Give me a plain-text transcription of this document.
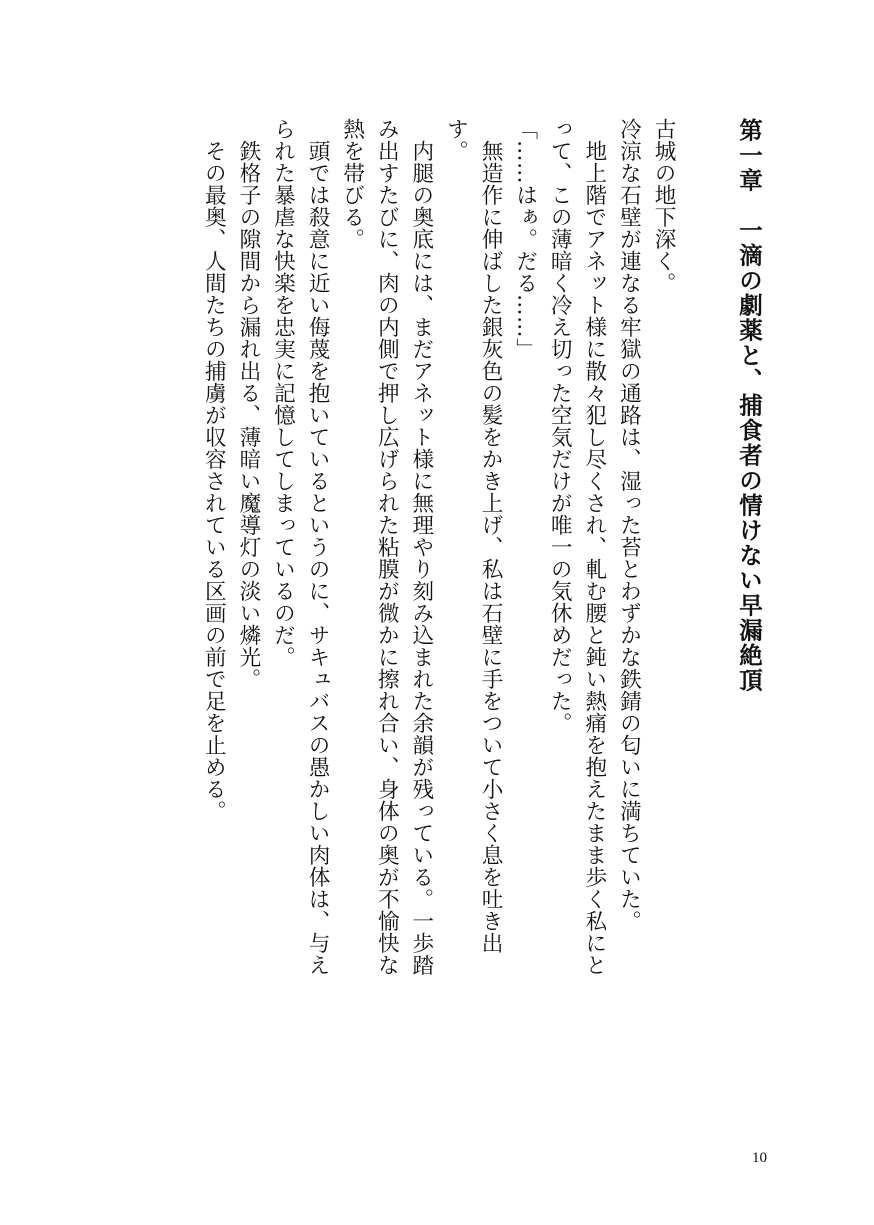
第一章　一滴の劇薬と、捕食者の情けない早漏絶頂

古城の地下深く。

冷涼な石壁が連なる牢獄の通路は、湿った苔とわずかな鉄錆の匂いに満ちていた。

　地上階でアネット様に散々犯し尽くされ、軋む腰と鈍い熱痛を抱えたまま歩く私にとって、この薄暗く冷え切った空気だけが唯一の気休めだった。

「……はぁ。だる……」

　無造作に伸ばした銀灰色の髪をかき上げ、私は石壁に手をついて小さく息を吐き出す。

　内腿の奥底には、まだアネット様に無理やり刻み込まれた余韻が残っている。一歩踏み出すたびに、肉の内側で押し広げられた粘膜が微かに擦れ合い、身体の奥が不愉快な熱を帯びる。

　頭では殺意に近い侮蔑を抱いているというのに、サキュバスの愚かしい肉体は、与えられた暴虐な快楽を忠実に記憶してしまっているのだ。

　鉄格子の隙間から漏れ出る、薄暗い魔導灯の淡い燐光。

　その最奥、人間たちの捕虜が収容されている区画の前で足を止める。

10
